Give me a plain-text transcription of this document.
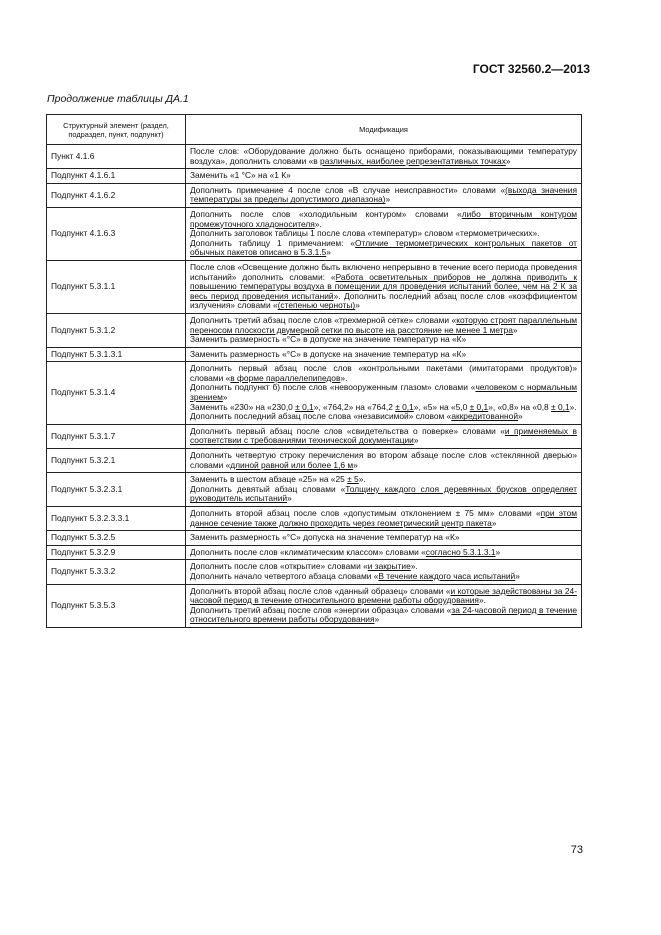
ГОСТ 32560.2—2013
Продолжение таблицы ДА.1
Структурный элемент (раздел, подраздел, пункт, подпункт)	Модификация
Пункт 4.1.6	После слов: «Оборудование должно быть оснащено приборами, показывающими температуру воздуха», дополнить словами «в различных, наиболее репрезентативных точках»
Подпункт 4.1.6.1	Заменить «1 °C» на «1 К»
Подпункт 4.1.6.2	Дополнить примечание 4 после слов «В случае неисправности» словами «(выхода значения температуры за пределы допустимого диапазона)»
Подпункт 4.1.6.3	Дополнить после слов «холодильным контуром» словами «либо вторичным контуром промежуточного хладоносителя».
Дополнить заголовок таблицы 1 после слова «температур» словом «термометрических».
Дополнить таблицу 1 примечанием: «Отличие термометрических контрольных пакетов от обычных пакетов описано в 5.3.1.5»
Подпункт 5.3.1.1	После слов «Освещение должно быть включено непрерывно в течение всего периода проведения испытаний» дополнить словами: «Работа осветительных приборов не должна приводить к повышению температуры воздуха в помещении для проведения испытаний более, чем на 2 К за весь период проведения испытаний». Дополнить последний абзац после слов «коэффициентом излучения» словами «(степенью черноты)»
Подпункт 5.3.1.2	Дополнить третий абзац после слов «трехмерной сетке» словами «которую строят параллельным переносом плоскости двумерной сетки по высоте на расстояние не менее 1 метра»
Заменить размерность «°C» в допуске на значение температур на «К»
Подпункт 5.3.1.3.1	Заменить размерность «°C» в допуске на значение температур на «К»
Подпункт 5.3.1.4	Дополнить первый абзац после слов «контрольными пакетами (имитаторами продуктов)» словами «в форме параллелепипедов».
Дополнить подпункт б) после слов «невооруженным глазом» словами «человеком с нормальным зрением»
Заменить «230» на «230,0 ± 0,1», «764,2» на «764,2 ± 0,1», «5» на «5,0 ± 0,1», «0,8» на «0,8 ± 0,1».
Дополнить последний абзац после слова «независимой» словом «аккредитованной»
Подпункт 5.3.1.7	Дополнить первый абзац после слов «свидетельства о поверке» словами «и применяемых в соответствии с требованиями технической документации»
Подпункт 5.3.2.1	Дополнить четвертую строку перечисления во втором абзаце после слов «стеклянной дверью» словами «длиной равной или более 1,6 м»
Подпункт 5.3.2.3.1	Заменить в шестом абзаце «25» на «25 ± 5».
Дополнить девятый абзац словами «Толщину каждого слоя деревянных брусков определяет руководитель испытаний»
Подпункт 5.3.2.3.3.1	Дополнить второй абзац после слов «допустимым отклонением ± 75 мм» словами «при этом данное сечение также должно проходить через геометрический центр пакета»
Подпункт 5.3.2.5	Заменить размерность «°C» допуска на значение температур на «К»
Подпункт 5.3.2.9	Дополнить после слов «климатическим классом» словами «согласно 5.3.1.3.1»
Подпункт 5.3.3.2	Дополнить после слов «открытие» словами «и закрытие».
Дополнить начало четвертого абзаца словами «В течение каждого часа испытаний»
Подпункт 5.3.5.3	Дополнить второй абзац после слов «данный образец» словами «и которые задействованы за 24-часовой период в течение относительного времени работы оборудования».
Дополнить третий абзац после слов «энергии образца» словами «за 24-часовой период в течение относительного времени работы оборудования»
73
